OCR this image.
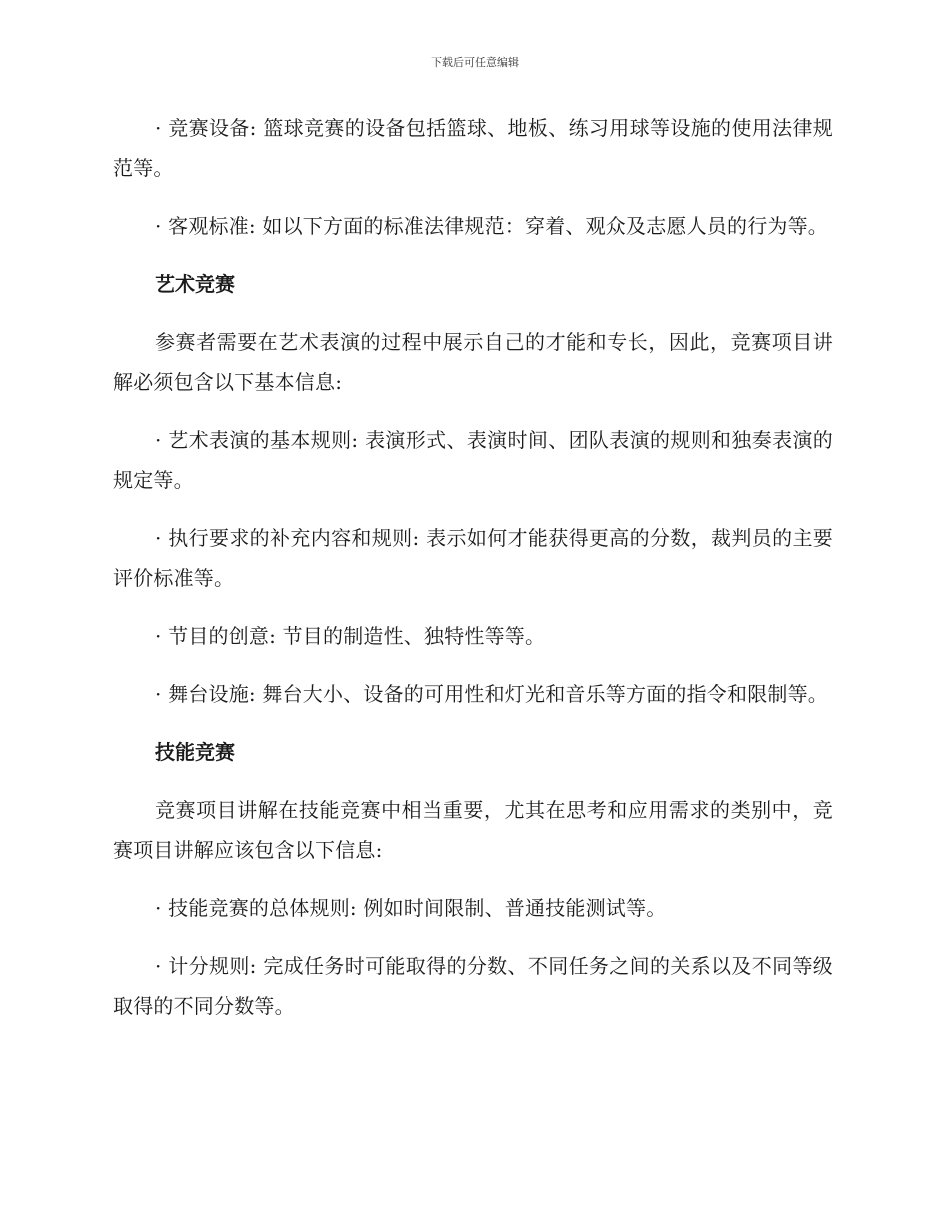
下载后可任意编辑

· 竞赛设备: 篮球竞赛的设备包括篮球、地板、练习用球等设施的使用法律规范等。

· 客观标准: 如以下方面的标准法律规范：穿着、观众及志愿人员的行为等。

艺术竞赛

参赛者需要在艺术表演的过程中展示自己的才能和专长，因此，竞赛项目讲解必须包含以下基本信息:

· 艺术表演的基本规则: 表演形式、表演时间、团队表演的规则和独奏表演的规定等。

· 执行要求的补充内容和规则: 表示如何才能获得更高的分数，裁判员的主要评价标准等。

· 节目的创意: 节目的制造性、独特性等等。

· 舞台设施: 舞台大小、设备的可用性和灯光和音乐等方面的指令和限制等。

技能竞赛

竞赛项目讲解在技能竞赛中相当重要，尤其在思考和应用需求的类别中，竞赛项目讲解应该包含以下信息:

· 技能竞赛的总体规则: 例如时间限制、普通技能测试等。

· 计分规则: 完成任务时可能取得的分数、不同任务之间的关系以及不同等级取得的不同分数等。
